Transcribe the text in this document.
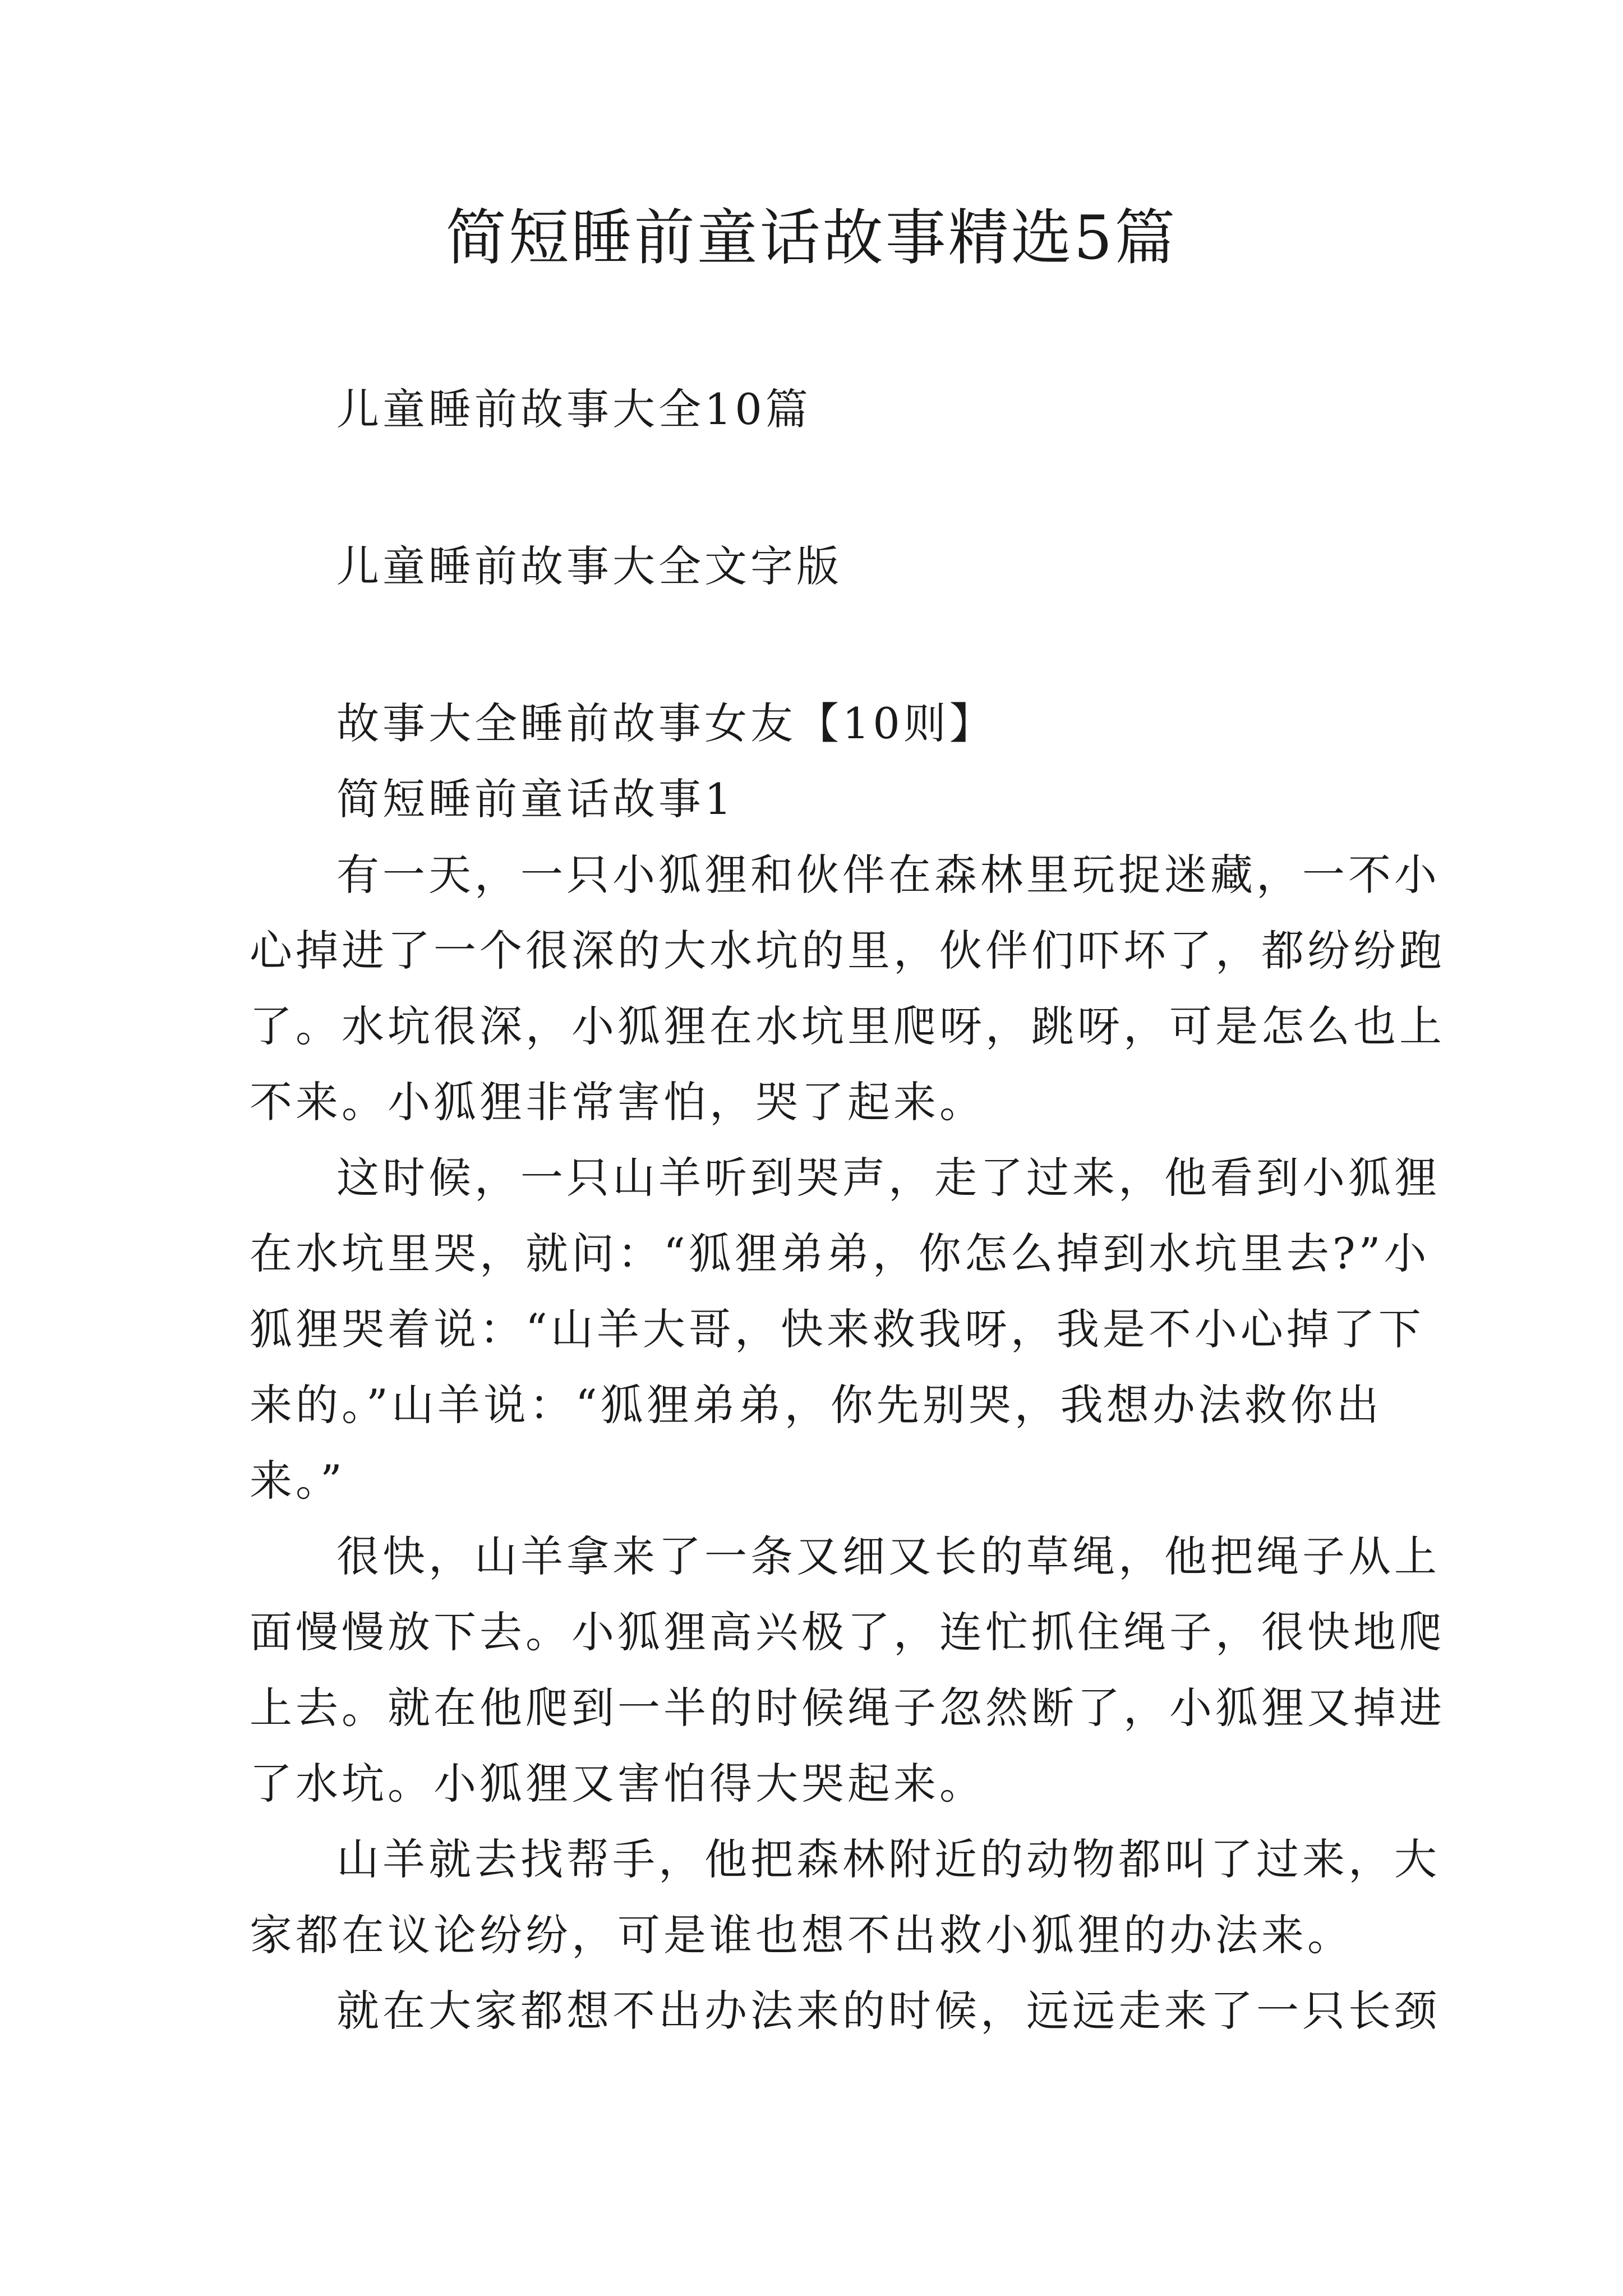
简短睡前童话故事精选5篇

儿童睡前故事大全10篇

儿童睡前故事大全文字版

故事大全睡前故事女友【10则】

简短睡前童话故事1

有一天，一只小狐狸和伙伴在森林里玩捉迷藏，一不小

心掉进了一个很深的大水坑的里，伙伴们吓坏了，都纷纷跑

了。水坑很深，小狐狸在水坑里爬呀，跳呀，可是怎么也上

不来。小狐狸非常害怕，哭了起来。

这时候，一只山羊听到哭声，走了过来，他看到小狐狸

在水坑里哭，就问：“狐狸弟弟，你怎么掉到水坑里去?”小

狐狸哭着说：“山羊大哥，快来救我呀，我是不小心掉了下

来的。”山羊说：“狐狸弟弟，你先别哭，我想办法救你出

来。”

很快，山羊拿来了一条又细又长的草绳，他把绳子从上

面慢慢放下去。小狐狸高兴极了，连忙抓住绳子，很快地爬

上去。就在他爬到一半的时候绳子忽然断了，小狐狸又掉进

了水坑。小狐狸又害怕得大哭起来。

山羊就去找帮手，他把森林附近的动物都叫了过来，大

家都在议论纷纷，可是谁也想不出救小狐狸的办法来。

就在大家都想不出办法来的时候，远远走来了一只长颈
